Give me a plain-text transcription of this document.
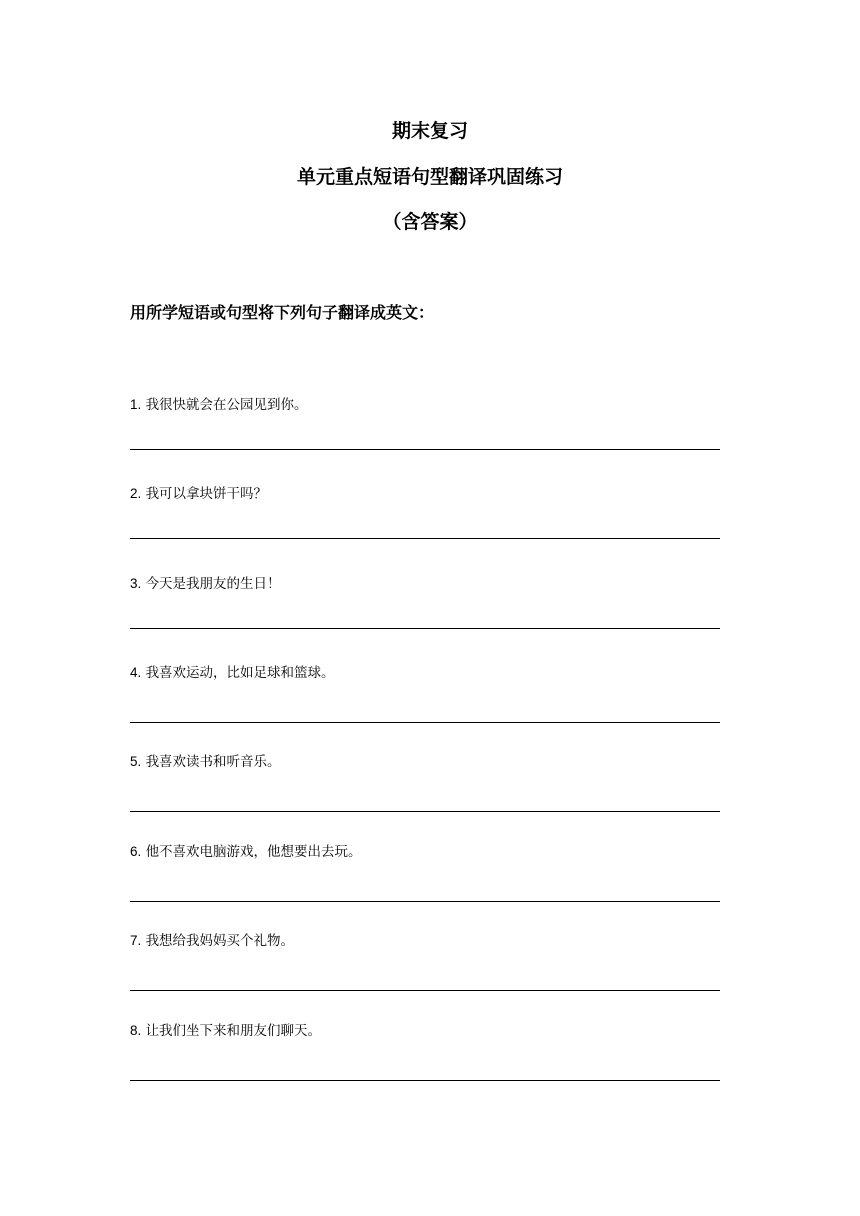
期末复习
单元重点短语句型翻译巩固练习
（含答案）
用所学短语或句型将下列句子翻译成英文：
1. 我很快就会在公园见到你。
2. 我可以拿块饼干吗？
3. 今天是我朋友的生日！
4. 我喜欢运动，比如足球和篮球。
5. 我喜欢读书和听音乐。
6. 他不喜欢电脑游戏，他想要出去玩。
7. 我想给我妈妈买个礼物。
8. 让我们坐下来和朋友们聊天。
